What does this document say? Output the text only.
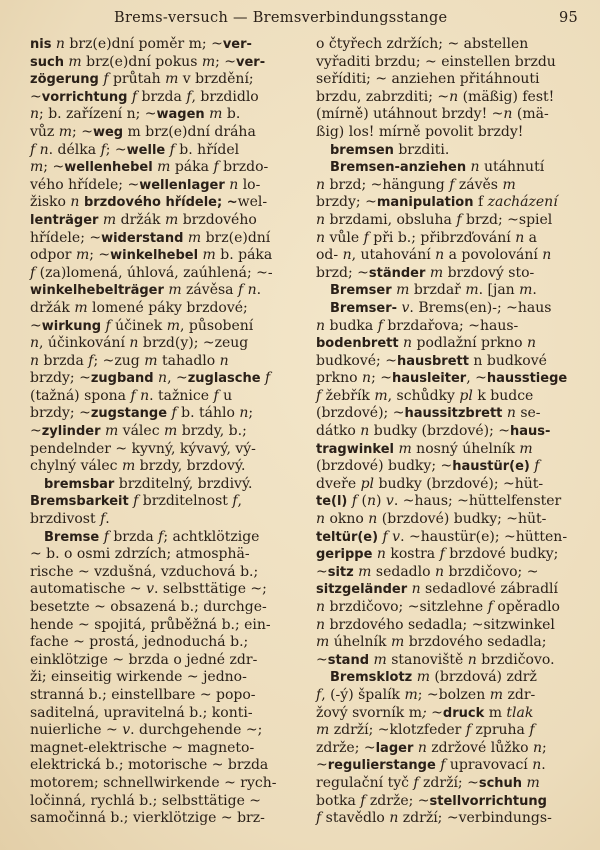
Brems-versuch — Bremsverbindungsstange	95
nis n brz(e)dní poměr m; ~ver-
such m brz(e)dní pokus m; ~ver-
zögerung f průtah m v brzdění;
~vorrichtung f brzda f, brzdidlo
n; b. zařízení n; ~wagen m b.
vůz m; ~weg m brz(e)dní dráha
f n. délka f; ~welle f b. hřídel
m; ~wellenhebel m páka f brzdo-
vého hřídele; ~wellenlager n lo-
žisko n brzdového hřídele; ~wel-
lenträger m držák m brzdového
hřídele; ~widerstand m brz(e)dní
odpor m; ~winkelhebel m b. páka
f (za)lomená, úhlová, zaúhlená; ~-
winkelhebelträger m závěsa f n.
držák m lomené páky brzdové;
~wirkung f účinek m, působení
n, účinkování n brzd(y); ~zeug
n brzda f; ~zug m tahadlo n
brzdy; ~zugband n, ~zuglasche f
(tažná) spona f n. tažnice f u
brzdy; ~zugstange f b. táhlo n;
~zylinder m válec m brzdy, b.;
pendelnder ~ kyvný, kývavý, vý-
chylný válec m brzdy, brzdový.
bremsbar brzditelný, brzdivý.
Bremsbarkeit f brzditelnost f,
brzdivost f.
Bremse f brzda f; achtklötzige
~ b. o osmi zdrzích; atmosphä-
rische ~ vzdušná, vzduchová b.;
automatische ~ v. selbsttätige ~;
besetzte ~ obsazená b.; durchge-
hende ~ spojitá, průběžná b.; ein-
fache ~ prostá, jednoduchá b.;
einklötzige ~ brzda o jedné zdr-
ži; einseitig wirkende ~ jedno-
stranná b.; einstellbare ~ popo-
saditelná, upravitelná b.; konti-
nuierliche ~ v. durchgehende ~;
magnet-elektrische ~ magneto-
elektrická b.; motorische ~ brzda
motorem; schnellwirkende ~ rych-
ločinná, rychlá b.; selbsttätige ~
samočinná b.; vierklötzige ~ brz-
o čtyřech zdržích; ~ abstellen
vyřaditi brzdu; ~ einstellen brzdu
seříditi; ~ anziehen přitáhnouti
brzdu, zabrzditi; ~n (mäßig) fest!
(mírně) utáhnout brzdy! ~n (mä-
ßig) los! mírně povolit brzdy!
bremsen brzditi.
Bremsen-anziehen n utáhnutí
n brzd; ~hängung f závěs m
brzdy; ~manipulation f zacházení
n brzdami, obsluha f brzd; ~spiel
n vůle f při b.; přibrzďování n a
od- n, utahování n a povolování n
brzd; ~ständer m brzdový sto-
Bremser m brzdař m. [jan m.
Bremser- v. Brems(en)-; ~haus
n budka f brzdařova; ~haus-
bodenbrett n podlažní prkno n
budkové; ~hausbrett n budkové
prkno n; ~hausleiter, ~hausstiege
f žebřík m, schůdky pl k budce
(brzdové); ~haussitzbrett n se-
dátko n budky (brzdové); ~haus-
tragwinkel m nosný úhelník m
(brzdové) budky; ~haustür(e) f
dveře pl budky (brzdové); ~hüt-
te(l) f (n) v. ~haus; ~hüttelfenster
n okno n (brzdové) budky; ~hüt-
teltür(e) f v. ~haustür(e); ~hütten-
gerippe n kostra f brzdové budky;
~sitz m sedadlo n brzdičovo; ~
sitzgeländer n sedadlové zábradlí
n brzdičovo; ~sitzlehne f opěradlo
n brzdového sedadla; ~sitzwinkel
m úhelník m brzdového sedadla;
~stand m stanoviště n brzdičovo.
Bremsklotz m (brzdová) zdrž
f, (-ý) špalík m; ~bolzen m zdr-
žový svorník m; ~druck m tlak
m zdrží; ~klotzfeder f zpruha f
zdrže; ~lager n zdržové lůžko n;
~regulierstange f upravovací n.
regulační tyč f zdrží; ~schuh m
botka f zdrže; ~stellvorrichtung
f stavědlo n zdrží; ~verbindungs-
